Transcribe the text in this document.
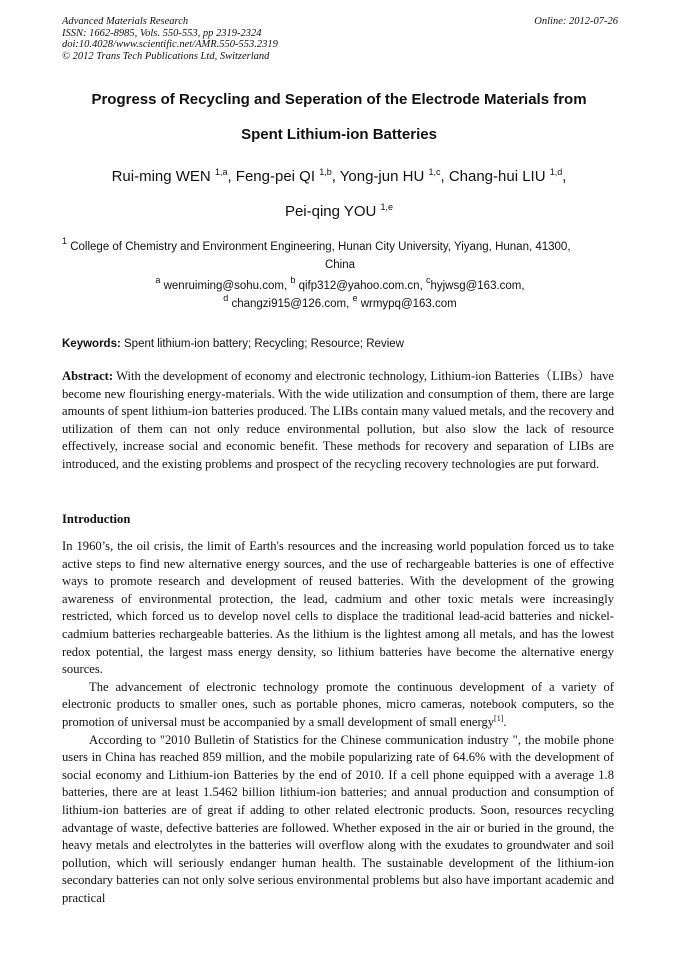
Advanced Materials Research
ISSN: 1662-8985, Vols. 550-553, pp 2319-2324
doi:10.4028/www.scientific.net/AMR.550-553.2319
© 2012 Trans Tech Publications Ltd, Switzerland
Online: 2012-07-26
Progress of Recycling and Seperation of the Electrode Materials from
Spent Lithium-ion Batteries
Rui-ming WEN $^{1,a}$, Feng-pei QI $^{1,b}$, Yong-jun HU $^{1,c}$, Chang-hui LIU $^{1,d}$,
Pei-qing YOU $^{1,e}$
$^1$ College of Chemistry and Environment Engineering, Hunan City University, Yiyang, Hunan, 41300,
China
$^a$ wenruiming@sohu.com, $^b$ qifp312@yahoo.com.cn, $^c$hyjwsg@163.com,
$^d$ changzi915@126.com, $^e$ wrmypq@163.com
Keywords: Spent lithium-ion battery; Recycling; Resource; Review

Abstract: With the development of economy and electronic technology, Lithium-ion Batteries（LIBs）have become new flourishing energy-materials. With the wide utilization and consumption of them, there are large amounts of spent lithium-ion batteries produced. The LIBs contain many valued metals, and the recovery and utilization of them can not only reduce environmental pollution, but also slow the lack of resource effectively, increase social and economic benefit. These methods for recovery and separation of LIBs are introduced, and the existing problems and prospect of the recycling recovery technologies are put forward.

Introduction

In 1960’s, the oil crisis, the limit of Earth's resources and the increasing world population forced us to take active steps to find new alternative energy sources, and the use of rechargeable batteries is one of effective ways to promote research and development of reused batteries. With the development of the growing awareness of environmental protection, the lead, cadmium and other toxic metals were increasingly restricted, which forced us to develop novel cells to displace the traditional lead-acid batteries and nickel-cadmium batteries rechargeable batteries. As the lithium is the lightest among all metals, and has the lowest redox potential, the largest mass energy density, so lithium batteries have become the alternative energy sources.

The advancement of electronic technology promote the continuous development of a variety of electronic products to smaller ones, such as portable phones, micro cameras, notebook computers, so the promotion of universal must be accompanied by a small development of small energy[1].

According to "2010 Bulletin of Statistics for the Chinese communication industry ", the mobile phone users in China has reached 859 million, and the mobile popularizing rate of 64.6% with the development of social economy and Lithium-ion Batteries by the end of 2010. If a cell phone equipped with a average 1.8 batteries, there are at least 1.5462 billion lithium-ion batteries; and annual production and consumption of lithium-ion batteries are of great if adding to other related electronic products. Soon, resources recycling advantage of waste, defective batteries are followed. Whether exposed in the air or buried in the ground, the heavy metals and electrolytes in the batteries will overflow along with the exudates to groundwater and soil pollution, which will seriously endanger human health. The sustainable development of the lithium-ion secondary batteries can not only solve serious environmental problems but also have important academic and practical
